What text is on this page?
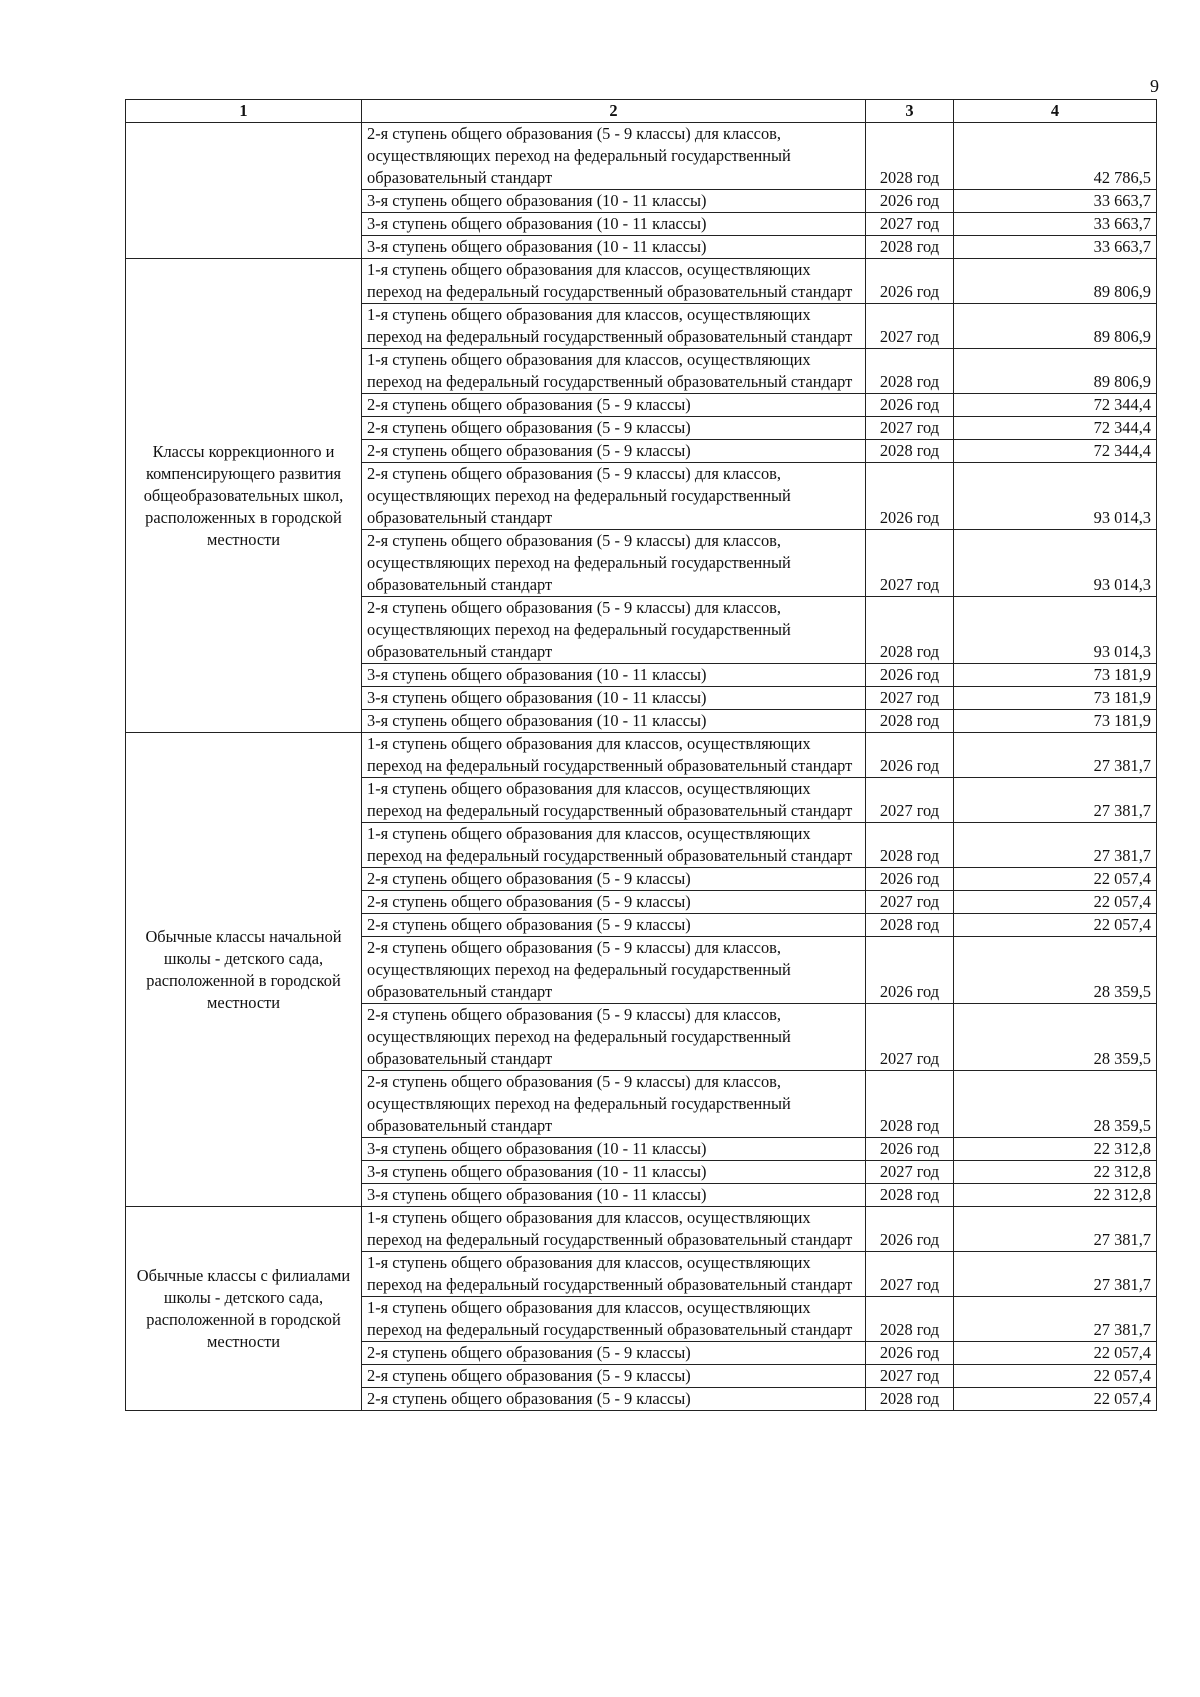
9
1	2	3	4
	2-я ступень общего образования (5 - 9 классы) для классов, осуществляющих переход на федеральный государственный образовательный стандарт	2028 год	42 786,5
	3-я ступень общего образования (10 - 11 классы)	2026 год	33 663,7
	3-я ступень общего образования (10 - 11 классы)	2027 год	33 663,7
	3-я ступень общего образования (10 - 11 классы)	2028 год	33 663,7
Классы коррекционного и компенсирующего развития общеобразовательных школ, расположенных в городской местности	1-я ступень общего образования для классов, осуществляющих переход на федеральный государственный образовательный стандарт	2026 год	89 806,9
	1-я ступень общего образования для классов, осуществляющих переход на федеральный государственный образовательный стандарт	2027 год	89 806,9
	1-я ступень общего образования для классов, осуществляющих переход на федеральный государственный образовательный стандарт	2028 год	89 806,9
	2-я ступень общего образования (5 - 9 классы)	2026 год	72 344,4
	2-я ступень общего образования (5 - 9 классы)	2027 год	72 344,4
	2-я ступень общего образования (5 - 9 классы)	2028 год	72 344,4
	2-я ступень общего образования (5 - 9 классы) для классов, осуществляющих переход на федеральный государственный образовательный стандарт	2026 год	93 014,3
	2-я ступень общего образования (5 - 9 классы) для классов, осуществляющих переход на федеральный государственный образовательный стандарт	2027 год	93 014,3
	2-я ступень общего образования (5 - 9 классы) для классов, осуществляющих переход на федеральный государственный образовательный стандарт	2028 год	93 014,3
	3-я ступень общего образования (10 - 11 классы)	2026 год	73 181,9
	3-я ступень общего образования (10 - 11 классы)	2027 год	73 181,9
	3-я ступень общего образования (10 - 11 классы)	2028 год	73 181,9
Обычные классы начальной школы - детского сада, расположенной в городской местности	1-я ступень общего образования для классов, осуществляющих переход на федеральный государственный образовательный стандарт	2026 год	27 381,7
	1-я ступень общего образования для классов, осуществляющих переход на федеральный государственный образовательный стандарт	2027 год	27 381,7
	1-я ступень общего образования для классов, осуществляющих переход на федеральный государственный образовательный стандарт	2028 год	27 381,7
	2-я ступень общего образования (5 - 9 классы)	2026 год	22 057,4
	2-я ступень общего образования (5 - 9 классы)	2027 год	22 057,4
	2-я ступень общего образования (5 - 9 классы)	2028 год	22 057,4
	2-я ступень общего образования (5 - 9 классы) для классов, осуществляющих переход на федеральный государственный образовательный стандарт	2026 год	28 359,5
	2-я ступень общего образования (5 - 9 классы) для классов, осуществляющих переход на федеральный государственный образовательный стандарт	2027 год	28 359,5
	2-я ступень общего образования (5 - 9 классы) для классов, осуществляющих переход на федеральный государственный образовательный стандарт	2028 год	28 359,5
	3-я ступень общего образования (10 - 11 классы)	2026 год	22 312,8
	3-я ступень общего образования (10 - 11 классы)	2027 год	22 312,8
	3-я ступень общего образования (10 - 11 классы)	2028 год	22 312,8
Обычные классы с филиалами школы - детского сада, расположенной в городской местности	1-я ступень общего образования для классов, осуществляющих переход на федеральный государственный образовательный стандарт	2026 год	27 381,7
	1-я ступень общего образования для классов, осуществляющих переход на федеральный государственный образовательный стандарт	2027 год	27 381,7
	1-я ступень общего образования для классов, осуществляющих переход на федеральный государственный образовательный стандарт	2028 год	27 381,7
	2-я ступень общего образования (5 - 9 классы)	2026 год	22 057,4
	2-я ступень общего образования (5 - 9 классы)	2027 год	22 057,4
	2-я ступень общего образования (5 - 9 классы)	2028 год	22 057,4
